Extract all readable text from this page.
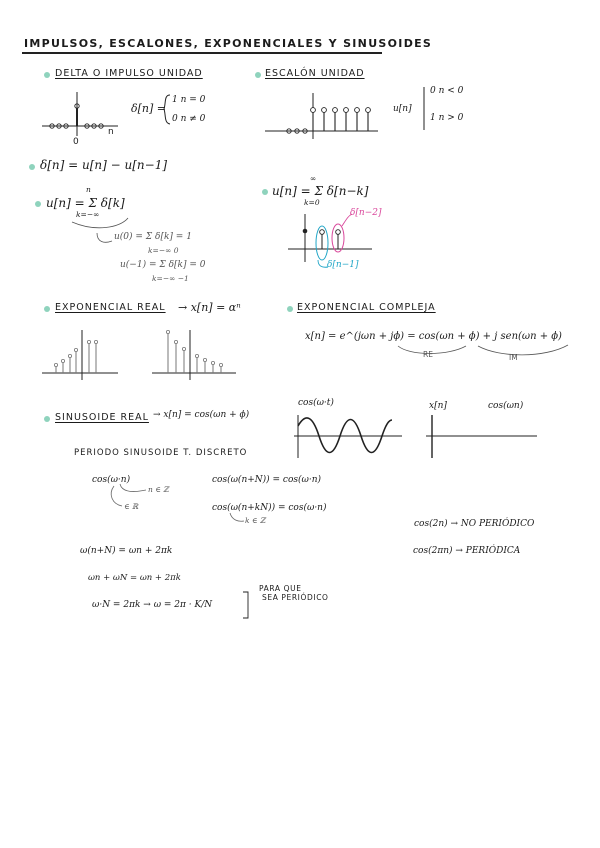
IMPULSOS, ESCALONES, EXPONENCIALES Y SINUSOIDES
DELTA O IMPULSO UNIDAD
n
0
δ[n] =
1 n = 0
0 n ≠ 0
ESCALÓN UNIDAD
u[n]
0 n < 0
1 n > 0
δ[n] = u[n] − u[n−1]
n
u[n] = Σ δ[k]
k=−∞
u(0) = Σ δ[k] = 1
k=−∞ 0
u(−1) = Σ δ[k] = 0
k=−∞ −1
∞
u[n] = Σ δ[n−k]
k=0
δ[n−2]
δ[n−1]
EXPONENCIAL REAL → x[n] = αⁿ	EXPONENCIAL COMPLEJA
x[n] = e^(jωn + jϕ) = cos(ωn + ϕ) + j sen(ωn + ϕ)
RE	IM
SINUSOIDE REAL → x[n] = cos(ωn + ϕ)
cos(ω·t)	x[n]	cos(ωn)
PERIODO SINUSOIDE T. DISCRETO
cos(ω·n)
n ∈ ℤ
∈ ℝ
cos(ω(n+N)) = cos(ω·n)
cos(ω(n+kN)) = cos(ω·n)
k ∈ ℤ
ω(n+N) = ωn + 2πk
ωn + ωN = ωn + 2πk
ω·N = 2πk → ω = 2π · K/N
PARA QUE
SEA PERIÓDICO
cos(2n) → NO PERIÓDICO
cos(2πn) → PERIÓDICA
